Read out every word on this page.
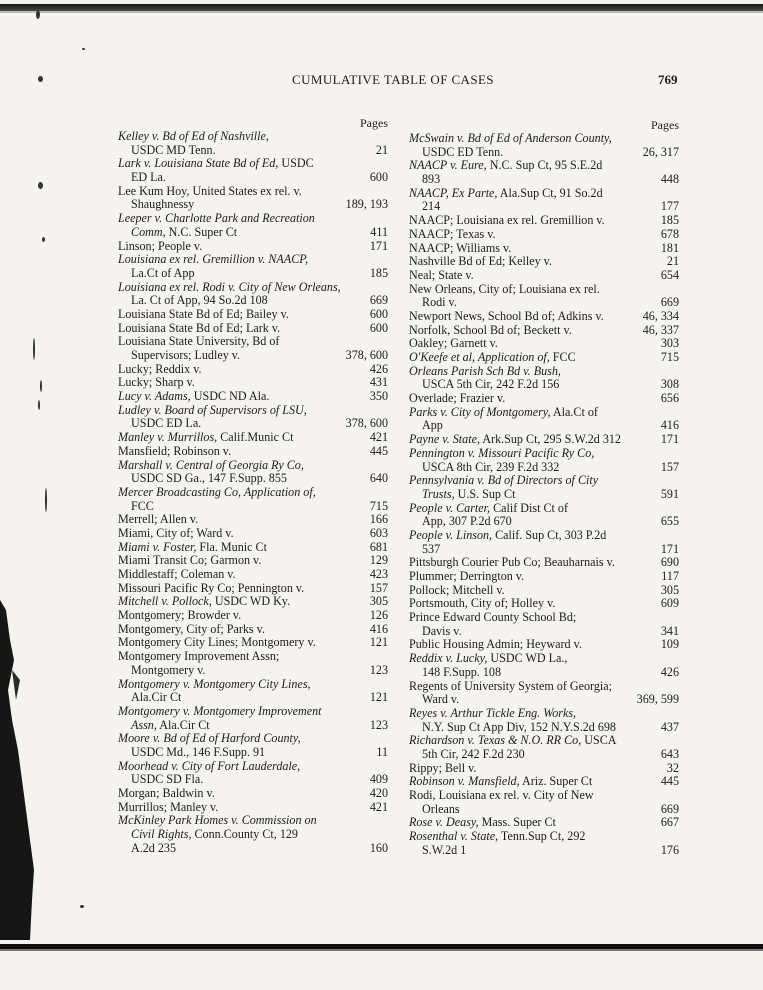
CUMULATIVE TABLE OF CASES	769
Pages
Kelley v. Bd of Ed of Nashville,
USDC MD Tenn.	21
Lark v. Louisiana State Bd of Ed, USDC
ED La.	600
Lee Kum Hoy, United States ex rel. v.
Shaughnessy	189, 193
Leeper v. Charlotte Park and Recreation
Comm, N.C. Super Ct	411
Linson; People v.	171
Louisiana ex rel. Gremillion v. NAACP,
La.Ct of App	185
Louisiana ex rel. Rodi v. City of New Orleans,
La. Ct of App, 94 So.2d 108	669
Louisiana State Bd of Ed; Bailey v.	600
Louisiana State Bd of Ed; Lark v.	600
Louisiana State University, Bd of
Supervisors; Ludley v.	378, 600
Lucky; Reddix v.	426
Lucky; Sharp v.	431
Lucy v. Adams, USDC ND Ala.	350
Ludley v. Board of Supervisors of LSU,
USDC ED La.	378, 600
Manley v. Murrillos, Calif.Munic Ct	421
Mansfield; Robinson v.	445
Marshall v. Central of Georgia Ry Co,
USDC SD Ga., 147 F.Supp. 855	640
Mercer Broadcasting Co, Application of,
FCC	715
Merrell; Allen v.	166
Miami, City of; Ward v.	603
Miami v. Foster, Fla. Munic Ct	681
Miami Transit Co; Garmon v.	129
Middlestaff; Coleman v.	423
Missouri Pacific Ry Co; Pennington v.	157
Mitchell v. Pollock, USDC WD Ky.	305
Montgomery; Browder v.	126
Montgomery, City of; Parks v.	416
Montgomery City Lines; Montgomery v.	121
Montgomery Improvement Assn;
Montgomery v.	123
Montgomery v. Montgomery City Lines,
Ala.Cir Ct	121
Montgomery v. Montgomery Improvement
Assn, Ala.Cir Ct	123
Moore v. Bd of Ed of Harford County,
USDC Md., 146 F.Supp. 91	11
Moorhead v. City of Fort Lauderdale,
USDC SD Fla.	409
Morgan; Baldwin v.	420
Murrillos; Manley v.	421
McKinley Park Homes v. Commission on
Civil Rights, Conn.County Ct, 129
A.2d 235	160
Pages
McSwain v. Bd of Ed of Anderson County,
USDC ED Tenn.	26, 317
NAACP v. Eure, N.C. Sup Ct, 95 S.E.2d
893	448
NAACP, Ex Parte, Ala.Sup Ct, 91 So.2d
214	177
NAACP; Louisiana ex rel. Gremillion v.	185
NAACP; Texas v.	678
NAACP; Williams v.	181
Nashville Bd of Ed; Kelley v.	21
Neal; State v.	654
New Orleans, City of; Louisiana ex rel.
Rodi v.	669
Newport News, School Bd of; Adkins v.	46, 334
Norfolk, School Bd of; Beckett v.	46, 337
Oakley; Garnett v.	303
O'Keefe et al, Application of, FCC	715
Orleans Parish Sch Bd v. Bush,
USCA 5th Cir, 242 F.2d 156	308
Overlade; Frazier v.	656
Parks v. City of Montgomery, Ala.Ct of
App	416
Payne v. State, Ark.Sup Ct, 295 S.W.2d 312	171
Pennington v. Missouri Pacific Ry Co,
USCA 8th Cir, 239 F.2d 332	157
Pennsylvania v. Bd of Directors of City
Trusts, U.S. Sup Ct	591
People v. Carter, Calif Dist Ct of
App, 307 P.2d 670	655
People v. Linson, Calif. Sup Ct, 303 P.2d
537	171
Pittsburgh Courier Pub Co; Beauharnais v.	690
Plummer; Derrington v.	117
Pollock; Mitchell v.	305
Portsmouth, City of; Holley v.	609
Prince Edward County School Bd;
Davis v.	341
Public Housing Admin; Heyward v.	109
Reddix v. Lucky, USDC WD La.,
148 F.Supp. 108	426
Regents of University System of Georgia;
Ward v.	369, 599
Reyes v. Arthur Tickle Eng. Works,
N.Y. Sup Ct App Div, 152 N.Y.S.2d 698	437
Richardson v. Texas & N.O. RR Co, USCA
5th Cir, 242 F.2d 230	643
Rippy; Bell v.	32
Robinson v. Mansfield, Ariz. Super Ct	445
Rodi, Louisiana ex rel. v. City of New
Orleans	669
Rose v. Deasy, Mass. Super Ct	667
Rosenthal v. State, Tenn.Sup Ct, 292
S.W.2d 1	176
